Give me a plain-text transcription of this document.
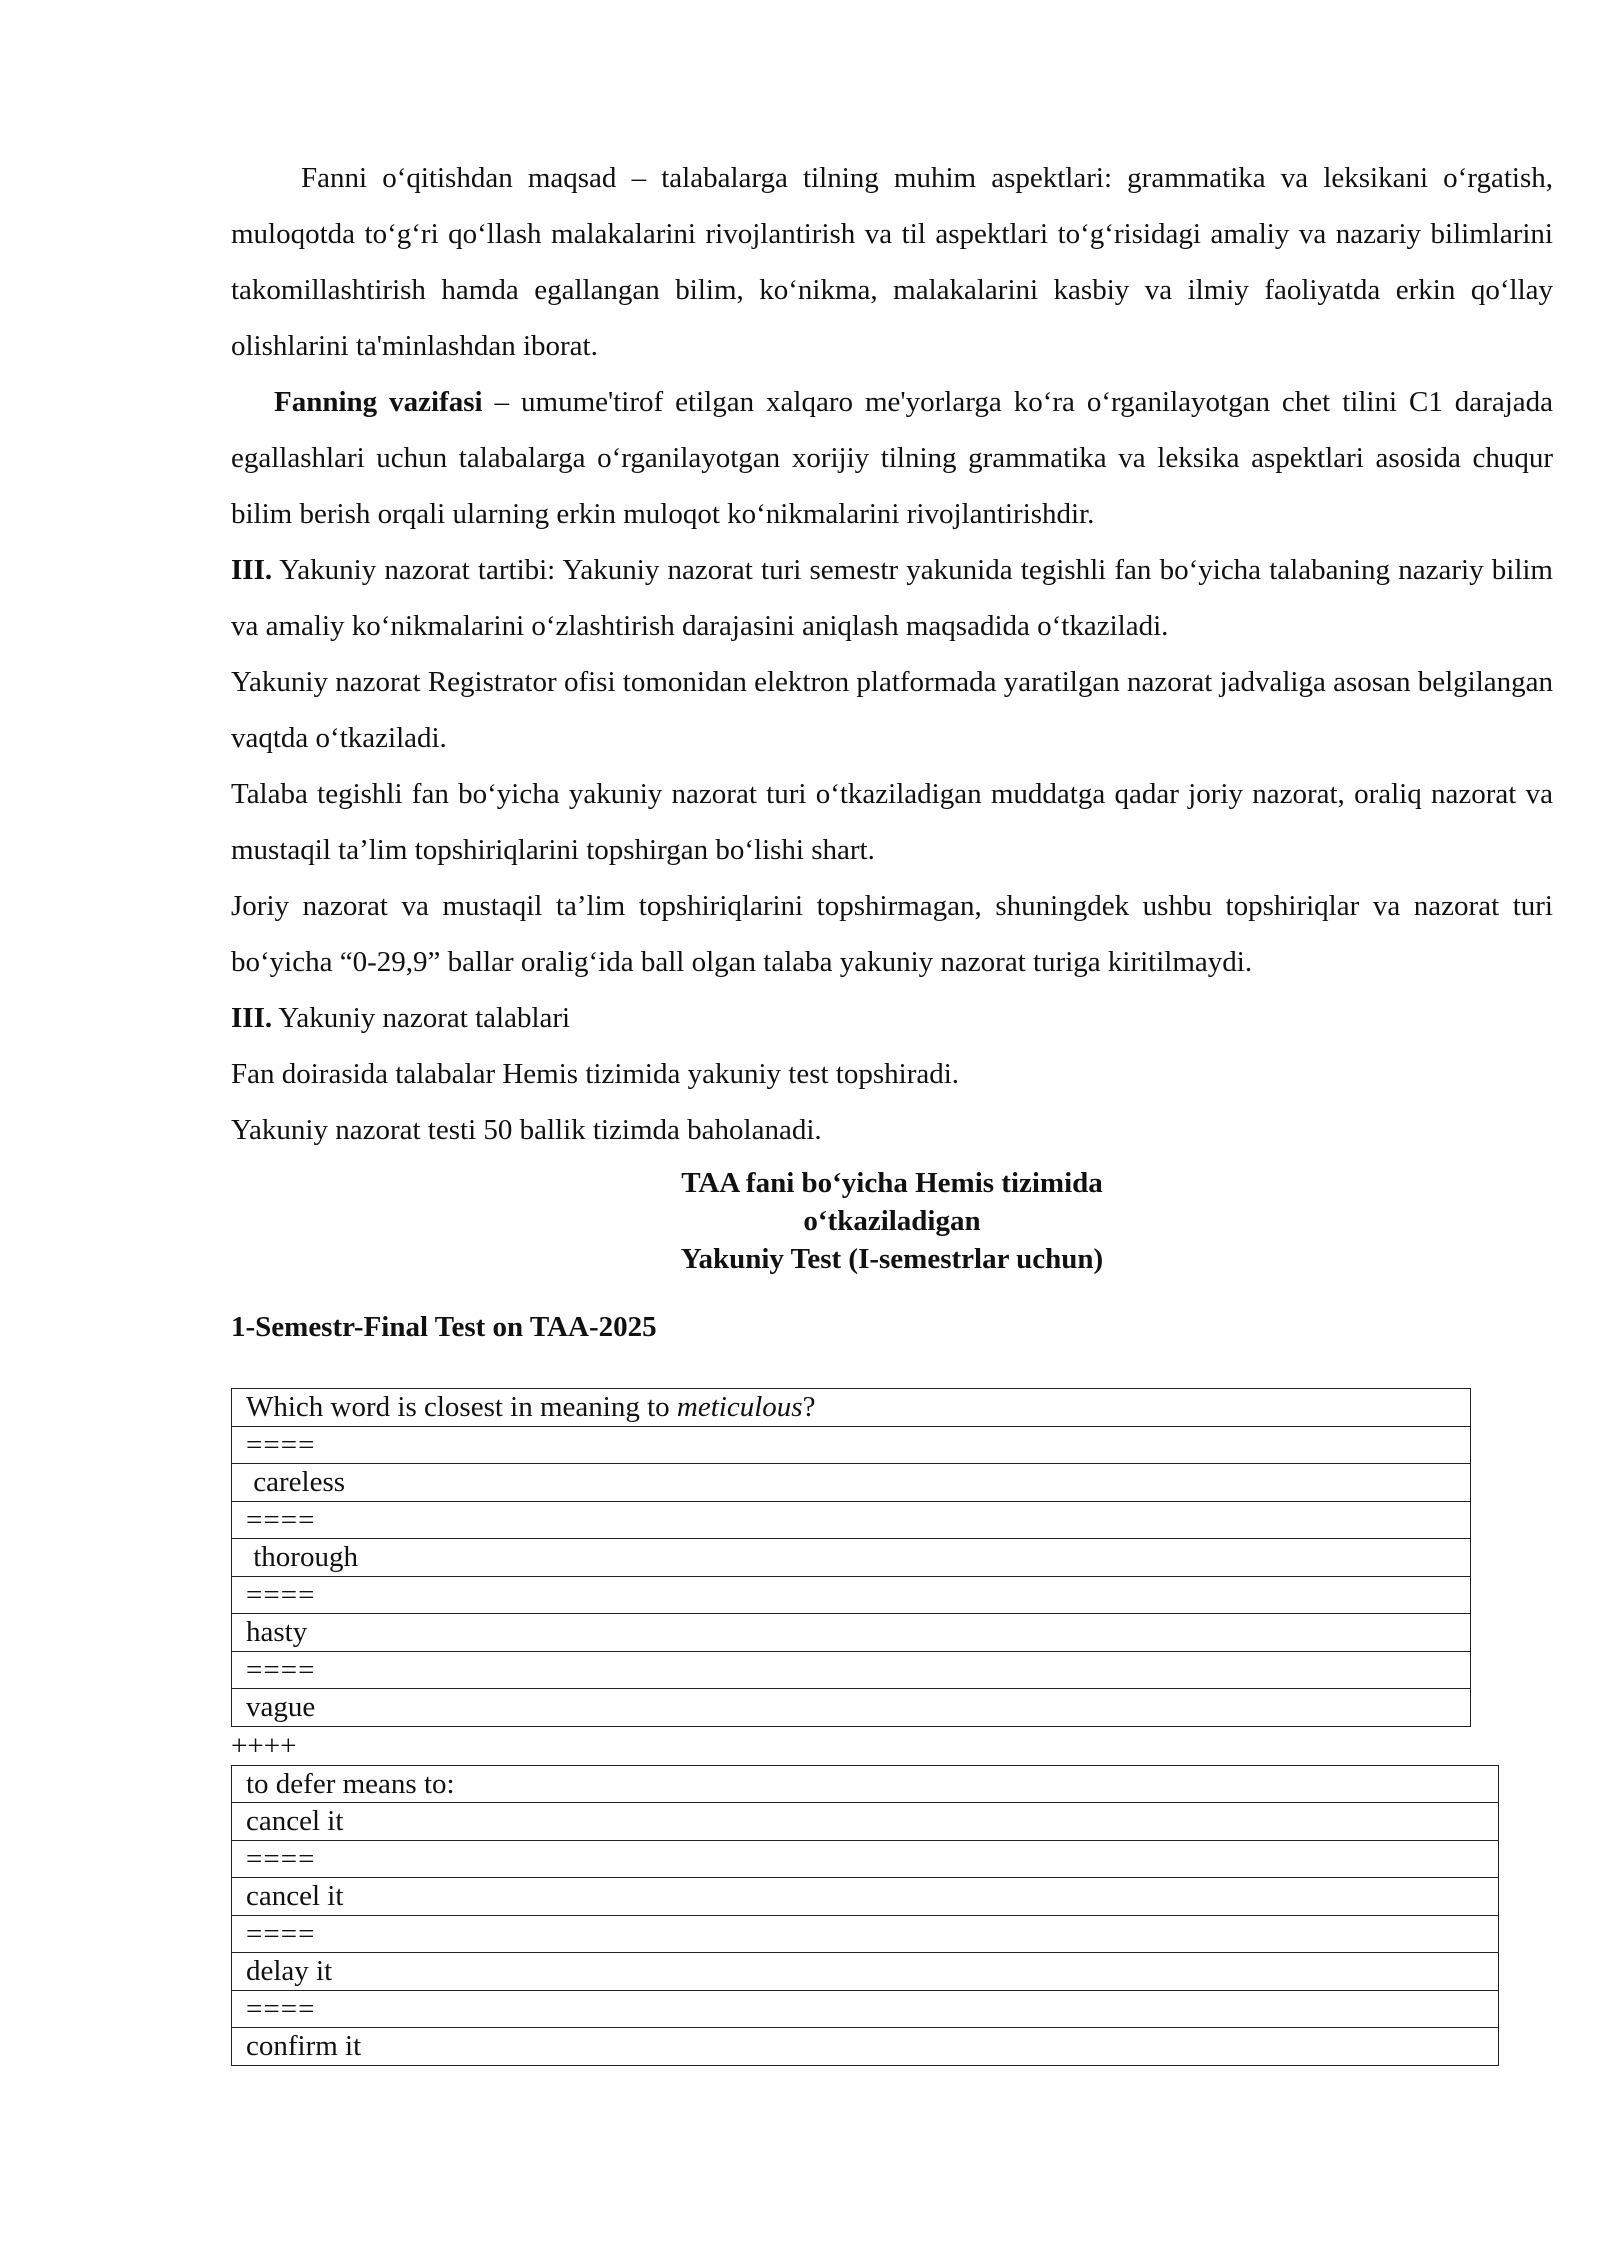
Fanni o‘qitishdan maqsad – talabalarga tilning muhim aspektlari: grammatika va leksikani o‘rgatish, muloqotda to‘g‘ri qo‘llash malakalarini rivojlantirish va til aspektlari to‘g‘risidagi amaliy va nazariy bilimlarini takomillashtirish hamda egallangan bilim, ko‘nikma, malakalarini kasbiy va ilmiy faoliyatda erkin qo‘llay olishlarini ta'minlashdan iborat.

Fanning vazifasi – umume'tirof etilgan xalqaro me'yorlarga ko‘ra o‘rganilayotgan chet tilini C1 darajada egallashlari uchun talabalarga o‘rganilayotgan xorijiy tilning grammatika va leksika aspektlari asosida chuqur bilim berish orqali ularning erkin muloqot ko‘nikmalarini rivojlantirishdir.

III. Yakuniy nazorat tartibi: Yakuniy nazorat turi semestr yakunida tegishli fan bo‘yicha talabaning nazariy bilim va amaliy ko‘nikmalarini o‘zlashtirish darajasini aniqlash maqsadida o‘tkaziladi.

Yakuniy nazorat Registrator ofisi tomonidan elektron platformada yaratilgan nazorat jadvaliga asosan belgilangan vaqtda o‘tkaziladi.

Talaba tegishli fan bo‘yicha yakuniy nazorat turi o‘tkaziladigan muddatga qadar joriy nazorat, oraliq nazorat va mustaqil ta’lim topshiriqlarini topshirgan bo‘lishi shart.

Joriy nazorat va mustaqil ta’lim topshiriqlarini topshirmagan, shuningdek ushbu topshiriqlar va nazorat turi bo‘yicha “0-29,9” ballar oralig‘ida ball olgan talaba yakuniy nazorat turiga kiritilmaydi.

III. Yakuniy nazorat talablari

Fan doirasida talabalar Hemis tizimida yakuniy test topshiradi.

Yakuniy nazorat testi 50 ballik tizimda baholanadi.

TAA fani bo‘yicha Hemis tizimida
o‘tkaziladigan
Yakuniy Test (I-semestrlar uchun)
1-Semestr-Final Test on TAA-2025
Which word is closest in meaning to meticulous?
====
careless
====
thorough
====
hasty
====
vague
++++
to defer means to:
cancel it
====
cancel it
====
delay it
====
confirm it
